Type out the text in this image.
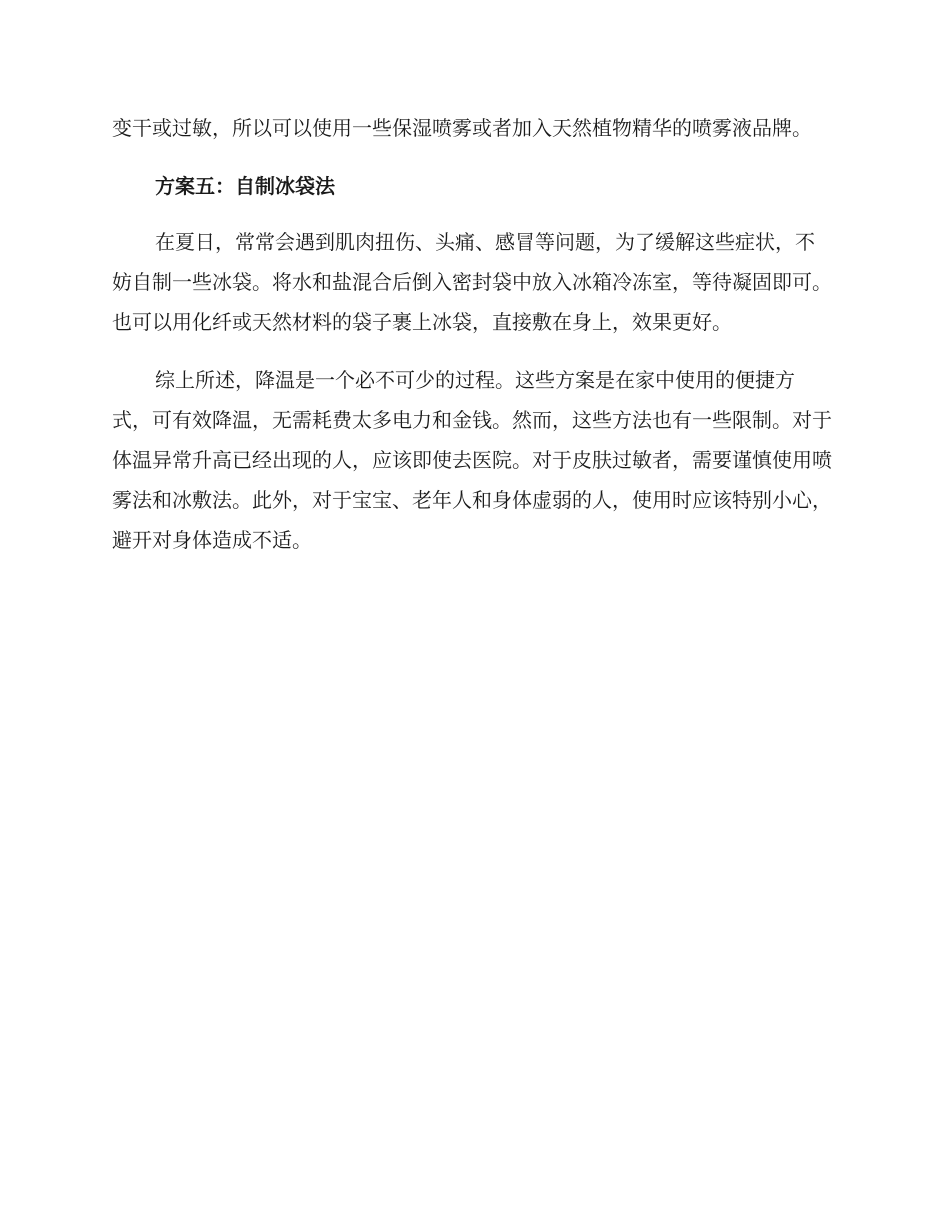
变干或过敏，所以可以使用一些保湿喷雾或者加入天然植物精华的喷雾液品牌。

方案五：自制冰袋法

在夏日，常常会遇到肌肉扭伤、头痛、感冒等问题，为了缓解这些症状，不妨自制一些冰袋。将水和盐混合后倒入密封袋中放入冰箱冷冻室，等待凝固即可。也可以用化纤或天然材料的袋子裹上冰袋，直接敷在身上，效果更好。

综上所述，降温是一个必不可少的过程。这些方案是在家中使用的便捷方式，可有效降温，无需耗费太多电力和金钱。然而，这些方法也有一些限制。对于体温异常升高已经出现的人，应该即使去医院。对于皮肤过敏者，需要谨慎使用喷雾法和冰敷法。此外，对于宝宝、老年人和身体虚弱的人，使用时应该特别小心，避开对身体造成不适。
